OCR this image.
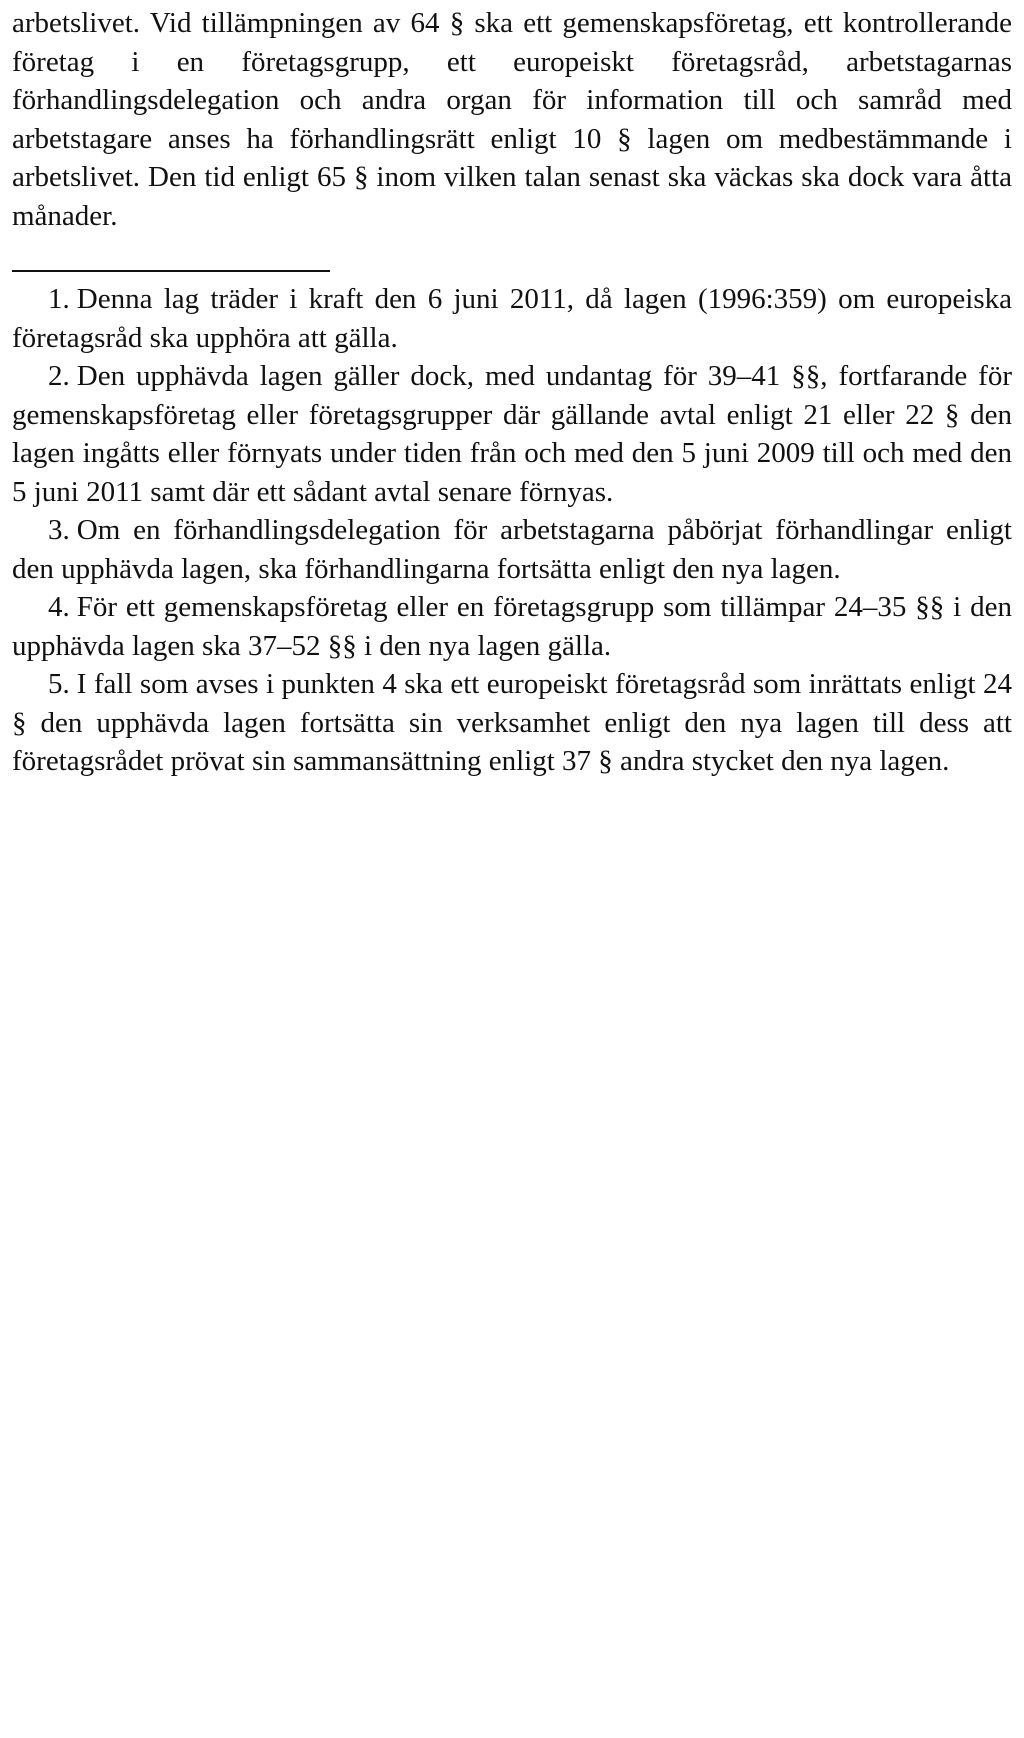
arbetslivet. Vid tillämpningen av 64 § ska ett gemenskapsföretag, ett kontrollerande företag i en företagsgrupp, ett europeiskt företagsråd, arbetstagarnas förhandlingsdelegation och andra organ för information till och samråd med arbetstagare anses ha förhandlingsrätt enligt 10 § lagen om medbestämmande i arbetslivet. Den tid enligt 65 § inom vilken talan senast ska väckas ska dock vara åtta månader.

1. Denna lag träder i kraft den 6 juni 2011, då lagen (1996:359) om europeiska företagsråd ska upphöra att gälla.

2. Den upphävda lagen gäller dock, med undantag för 39–41 §§, fortfarande för gemenskapsföretag eller företagsgrupper där gällande avtal enligt 21 eller 22 § den lagen ingåtts eller förnyats under tiden från och med den 5 juni 2009 till och med den 5 juni 2011 samt där ett sådant avtal senare förnyas.

3. Om en förhandlingsdelegation för arbetstagarna påbörjat förhandlingar enligt den upphävda lagen, ska förhandlingarna fortsätta enligt den nya lagen.

4. För ett gemenskapsföretag eller en företagsgrupp som tillämpar 24–35 §§ i den upphävda lagen ska 37–52 §§ i den nya lagen gälla.

5. I fall som avses i punkten 4 ska ett europeiskt företagsråd som inrättats enligt 24 § den upphävda lagen fortsätta sin verksamhet enligt den nya lagen till dess att företagsrådet prövat sin sammansättning enligt 37 § andra stycket den nya lagen.
